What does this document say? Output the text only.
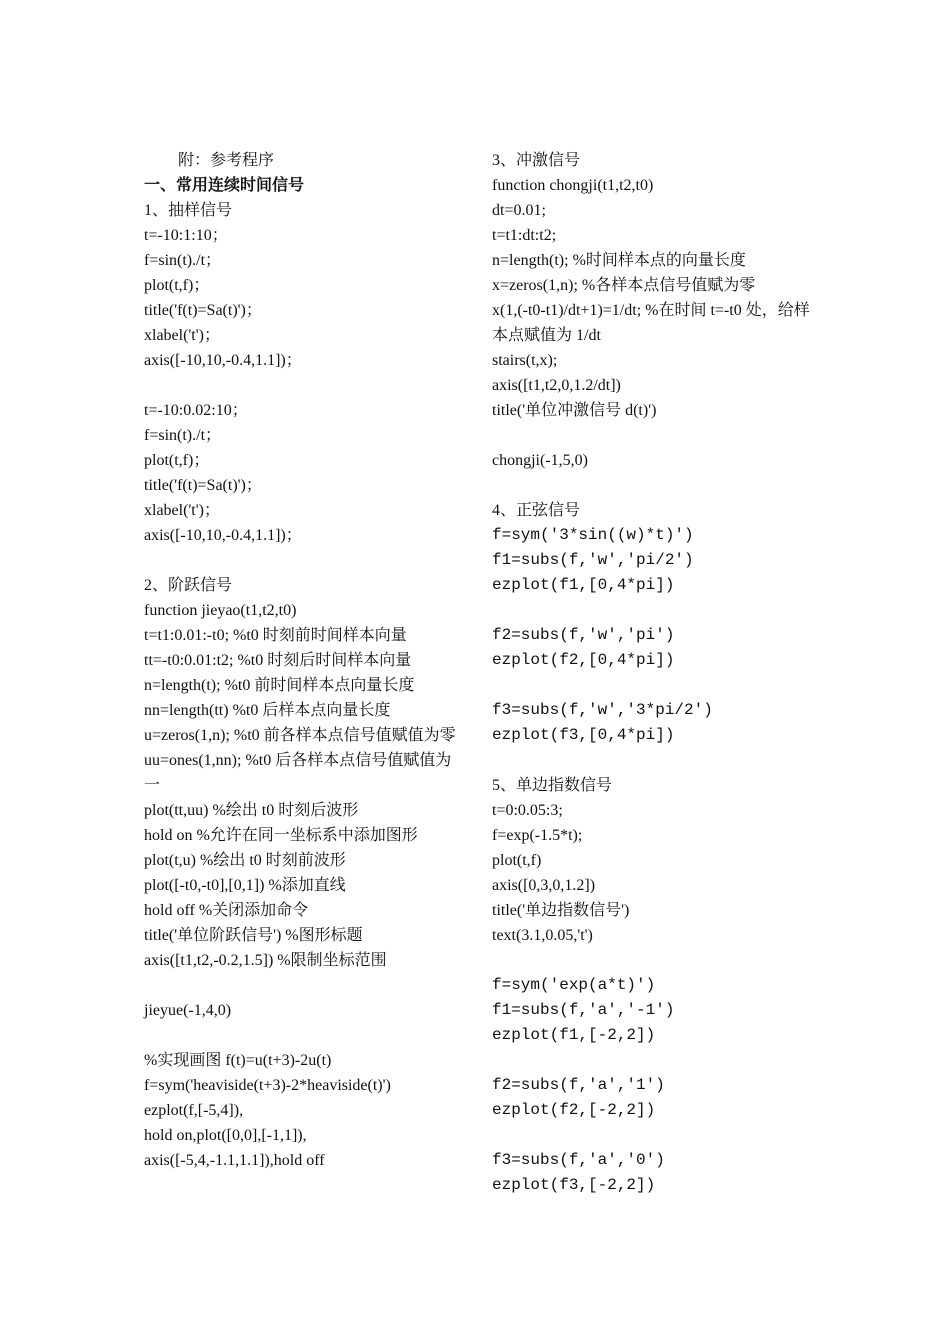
附：参考程序
一、常用连续时间信号
1、抽样信号
t=-10:1:10；
f=sin(t)./t；
plot(t,f)；
title('f(t)=Sa(t)')；
xlabel('t')；
axis([-10,10,-0.4,1.1])；
t=-10:0.02:10；
f=sin(t)./t；
plot(t,f)；
title('f(t)=Sa(t)')；
xlabel('t')；
axis([-10,10,-0.4,1.1])；
2、阶跃信号
function jieyao(t1,t2,t0)
t=t1:0.01:-t0; %t0 时刻前时间样本向量
tt=-t0:0.01:t2; %t0 时刻后时间样本向量
n=length(t); %t0 前时间样本点向量长度
nn=length(tt) %t0 后样本点向量长度
u=zeros(1,n); %t0 前各样本点信号值赋值为零
uu=ones(1,nn); %t0 后各样本点信号值赋值为一
plot(tt,uu) %绘出 t0 时刻后波形
hold on %允许在同一坐标系中添加图形
plot(t,u) %绘出 t0 时刻前波形
plot([-t0,-t0],[0,1]) %添加直线
hold off %关闭添加命令
title('单位阶跃信号') %图形标题
axis([t1,t2,-0.2,1.5]) %限制坐标范围
jieyue(-1,4,0)
%实现画图 f(t)=u(t+3)-2u(t)
f=sym('heaviside(t+3)-2*heaviside(t)')
ezplot(f,[-5,4]),
hold on,plot([0,0],[-1,1]),
axis([-5,4,-1.1,1.1]),hold off
3、冲激信号
function chongji(t1,t2,t0)
dt=0.01;
t=t1:dt:t2;
n=length(t); %时间样本点的向量长度
x=zeros(1,n); %各样本点信号值赋为零
x(1,(-t0-t1)/dt+1)=1/dt; %在时间 t=-t0 处，给样本点赋值为 1/dt
stairs(t,x);
axis([t1,t2,0,1.2/dt])
title('单位冲激信号 d(t)')
chongji(-1,5,0)
4、正弦信号
f=sym('3*sin((w)*t)')
f1=subs(f,'w','pi/2')
ezplot(f1,[0,4*pi])
f2=subs(f,'w','pi')
ezplot(f2,[0,4*pi])
f3=subs(f,'w','3*pi/2')
ezplot(f3,[0,4*pi])
5、单边指数信号
t=0:0.05:3;
f=exp(-1.5*t);
plot(t,f)
axis([0,3,0,1.2])
title('单边指数信号')
text(3.1,0.05,'t')
f=sym('exp(a*t)')
f1=subs(f,'a','-1')
ezplot(f1,[-2,2])
f2=subs(f,'a','1')
ezplot(f2,[-2,2])
f3=subs(f,'a','0')
ezplot(f3,[-2,2])
